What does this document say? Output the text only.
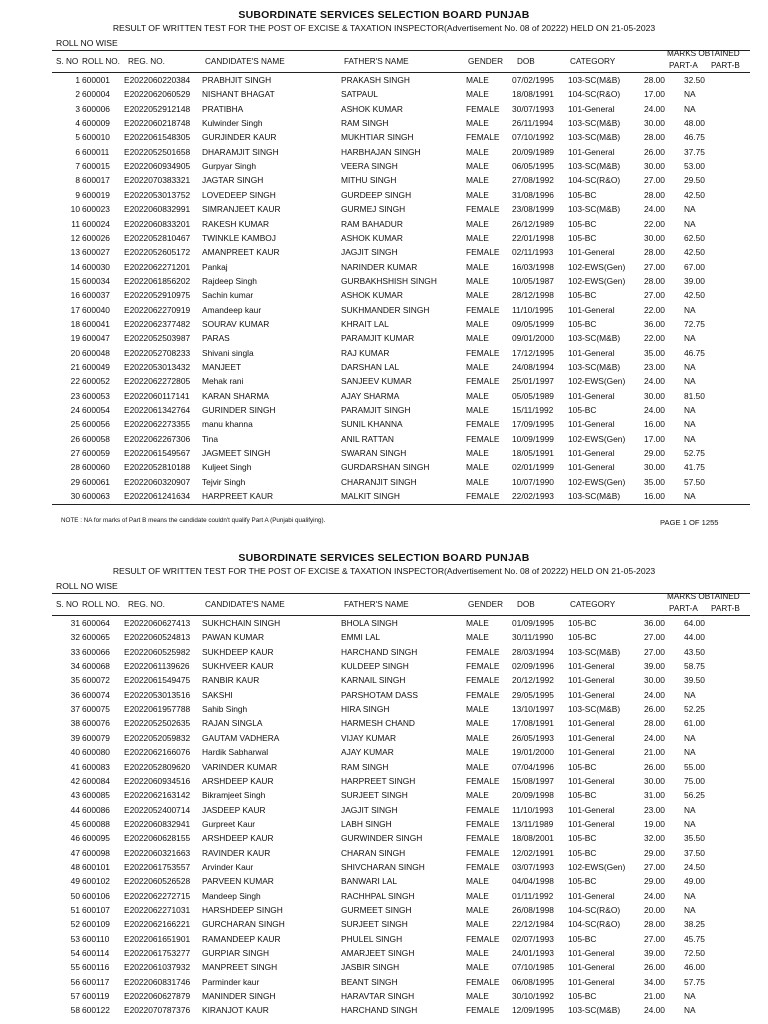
SUBORDINATE SERVICES SELECTION BOARD PUNJAB
RESULT OF WRITTEN TEST FOR THE POST OF EXCISE & TAXATION INSPECTOR(Advertisement No. 08 of 20222) HELD ON 21-05-2023
ROLL NO WISE
S. NO ROLL NO. REG. NO.	CANDIDATE'S NAME	FATHER'S NAME	GENDER DOB	CATEGORY
MARKS OBTAINED
PART-A PART-B
1 600001 E2022060220384 PRABHJIT SINGH	PRAKASH SINGH	MALE	07/02/1995 103-SC(M&B)	28.00 32.50
2 600004 E2022062060529 NISHANT BHAGAT	SATPAUL	MALE	18/08/1991 104-SC(R&O)	17.00 NA
3 600006 E2022052912148 PRATIBHA	ASHOK KUMAR	FEMALE 30/07/1993 101-General	24.00 NA
4 600009 E2022060218748 Kulwinder Singh	RAM SINGH	MALE	26/11/1994 103-SC(M&B)	30.00 48.00
5 600010 E2022061548305 GURJINDER KAUR	MUKHTIAR SINGH	FEMALE 07/10/1992 103-SC(M&B)	28.00 46.75
6 600011 E2022052501658 DHARAMJIT SINGH	HARBHAJAN SINGH	MALE	20/09/1989 101-General	26.00 37.75
7 600015 E2022060934905 Gurpyar Singh	VEERA SINGH	MALE	06/05/1995 103-SC(M&B)	30.00 53.00
8 600017 E2022070383321 JAGTAR SINGH	MITHU SINGH	MALE	27/08/1992 104-SC(R&O)	27.00 29.50
9 600019 E2022053013752 LOVEDEEP SINGH	GURDEEP SINGH	MALE	31/08/1996 105-BC	28.00 42.50
10 600023 E2022060832991 SIMRANJEET KAUR	GURMEJ SINGH	FEMALE 23/08/1999 103-SC(M&B)	24.00 NA
11 600024 E2022060833201 RAKESH KUMAR	RAM BAHADUR	MALE	26/12/1989 105-BC	22.00 NA
12 600026 E2022052810467 TWINKLE KAMBOJ	ASHOK KUMAR	MALE	22/01/1998 105-BC	30.00 62.50
13 600027 E2022052605172 AMANPREET KAUR	JAGJIT SINGH	FEMALE 02/11/1993 101-General	28.00 42.50
14 600030 E2022062271201 Pankaj	NARINDER KUMAR	MALE	16/03/1998 102-EWS(Gen) 27.00 67.00
15 600034 E2022061856202 Rajdeep Singh	GURBAKHSHISH SINGH	MALE	10/05/1987 102-EWS(Gen) 28.00 39.00
16 600037 E2022052910975 Sachin kumar	ASHOK KUMAR	MALE	28/12/1998 105-BC	27.00 42.50
17 600040 E2022062270919 Amandeep kaur	SUKHMANDER SINGH	FEMALE 11/10/1995 101-General	22.00 NA
18 600041 E2022062377482 SOURAV KUMAR	KHRAIT LAL	MALE	09/05/1999 105-BC	36.00 72.75
19 600047 E2022052503987 PARAS	PARAMJIT KUMAR	MALE	09/01/2000 103-SC(M&B)	22.00 NA
20 600048 E2022052708233 Shivani singla	RAJ KUMAR	FEMALE 17/12/1995 101-General	35.00 46.75
21 600049 E2022053013432 MANJEET	DARSHAN LAL	MALE	24/08/1994 103-SC(M&B)	23.00 NA
22 600052 E2022062272805 Mehak rani	SANJEEV KUMAR	FEMALE 25/01/1997 102-EWS(Gen) 24.00 NA
23 600053 E2022060117141 KARAN SHARMA	AJAY SHARMA	MALE	05/05/1989 101-General	30.00 81.50
24 600054 E2022061342764 GURINDER SINGH	PARAMJIT SINGH	MALE	15/11/1992 105-BC	24.00 NA
25 600056 E2022062273355 manu khanna	SUNIL KHANNA	FEMALE 17/09/1995 101-General	16.00 NA
26 600058 E2022062267306 Tina	ANIL RATTAN	FEMALE 10/09/1999 102-EWS(Gen) 17.00 NA
27 600059 E2022061549567 JAGMEET SINGH	SWARAN SINGH	MALE	18/05/1991 101-General	29.00 52.75
28 600060 E2022052810188 Kuljeet Singh	GURDARSHAN SINGH	MALE	02/01/1999 101-General	30.00 41.75
29 600061 E2022060320907 Tejvir Singh	CHARANJIT SINGH	MALE	10/07/1990 102-EWS(Gen) 35.00 57.50
30 600063 E2022061241634 HARPREET KAUR	MALKIT SINGH	FEMALE 22/02/1993 103-SC(M&B)	16.00 NA
NOTE : NA for marks of Part B means the candidate couldn't qualify Part A (Punjabi qualifying).	PAGE 1 OF 1255
SUBORDINATE SERVICES SELECTION BOARD PUNJAB
RESULT OF WRITTEN TEST FOR THE POST OF EXCISE & TAXATION INSPECTOR(Advertisement No. 08 of 20222) HELD ON 21-05-2023
ROLL NO WISE
S. NO ROLL NO. REG. NO.	CANDIDATE'S NAME	FATHER'S NAME	GENDER DOB	CATEGORY
MARKS OBTAINED
PART-A PART-B
31 600064 E2022060627413 SUKHCHAIN SINGH	BHOLA SINGH	MALE	01/09/1995 105-BC	36.00 64.00
32 600065 E2022060524813 PAWAN KUMAR	EMMI LAL	MALE	30/11/1990 105-BC	27.00 44.00
33 600066 E2022060525982 SUKHDEEP KAUR	HARCHAND SINGH	FEMALE 28/03/1994 103-SC(M&B)	27.00 43.50
34 600068 E2022061139626 SUKHVEER KAUR	KULDEEP SINGH	FEMALE 02/09/1996 101-General	39.00 58.75
35 600072 E2022061549475 RANBIR KAUR	KARNAIL SINGH	FEMALE 20/12/1992 101-General	30.00 39.50
36 600074 E2022053013516 SAKSHI	PARSHOTAM DASS	FEMALE 29/05/1995 101-General	24.00 NA
37 600075 E2022061957788 Sahib Singh	HIRA SINGH	MALE	13/10/1997 103-SC(M&B)	26.00 52.25
38 600076 E2022052502635 RAJAN SINGLA	HARMESH CHAND	MALE	17/08/1991 101-General	28.00 61.00
39 600079 E2022052059832 GAUTAM VADHERA	VIJAY KUMAR	MALE	26/05/1993 101-General	24.00 NA
40 600080 E2022062166076 Hardik Sabharwal	AJAY KUMAR	MALE	19/01/2000 101-General	21.00 NA
41 600083 E2022052809620 VARINDER KUMAR	RAM SINGH	MALE	07/04/1996 105-BC	26.00 55.00
42 600084 E2022060934516 ARSHDEEP KAUR	HARPREET SINGH	FEMALE 15/08/1997 101-General	30.00 75.00
43 600085 E2022062163142 Bikramjeet Singh	SURJEET SINGH	MALE	20/09/1998 105-BC	31.00 56.25
44 600086 E2022052400714 JASDEEP KAUR	JAGJIT SINGH	FEMALE 11/10/1993 101-General	23.00 NA
45 600088 E2022060832941 Gurpreet Kaur	LABH SINGH	FEMALE 13/11/1989 101-General	19.00 NA
46 600095 E2022060628155 ARSHDEEP KAUR	GURWINDER SINGH	FEMALE 18/08/2001 105-BC	32.00 35.50
47 600098 E2022060321663 RAVINDER KAUR	CHARAN SINGH	FEMALE 12/02/1991 105-BC	29.00 37.50
48 600101 E2022061753557 Arvinder Kaur	SHIVCHARAN SINGH	FEMALE 03/07/1993 102-EWS(Gen) 27.00 24.50
49 600102 E2022060526528 PARVEEN KUMAR	BANWARI LAL	MALE	04/04/1998 105-BC	29.00 49.00
50 600106 E2022062272715 Mandeep Singh	RACHHPAL SINGH	MALE	01/11/1992 101-General	24.00 NA
51 600107 E2022062271031 HARSHDEEP SINGH	GURMEET SINGH	MALE	26/08/1998 104-SC(R&O)	20.00 NA
52 600109 E2022062166221 GURCHARAN SINGH	SURJEET SINGH	MALE	22/12/1984 104-SC(R&O)	28.00 38.25
53 600110 E2022061651901 RAMANDEEP KAUR	PHULEL SINGH	FEMALE 02/07/1993 105-BC	27.00 45.75
54 600114 E2022061753277 GURPIAR SINGH	AMARJEET SINGH	MALE	24/01/1993 101-General	39.00 72.50
55 600116 E2022061037932 MANPREET SINGH	JASBIR SINGH	MALE	07/10/1985 101-General	26.00 46.00
56 600117 E2022060831746 Parminder kaur	BEANT SINGH	FEMALE 06/08/1995 101-General	34.00 57.75
57 600119 E2022060627879 MANINDER SINGH	HARAVTAR SINGH	MALE	30/10/1992 105-BC	21.00 NA
58 600122 E2022070787376 KIRANJOT KAUR	HARCHAND SINGH	FEMALE 12/09/1995 103-SC(M&B)	24.00 NA
